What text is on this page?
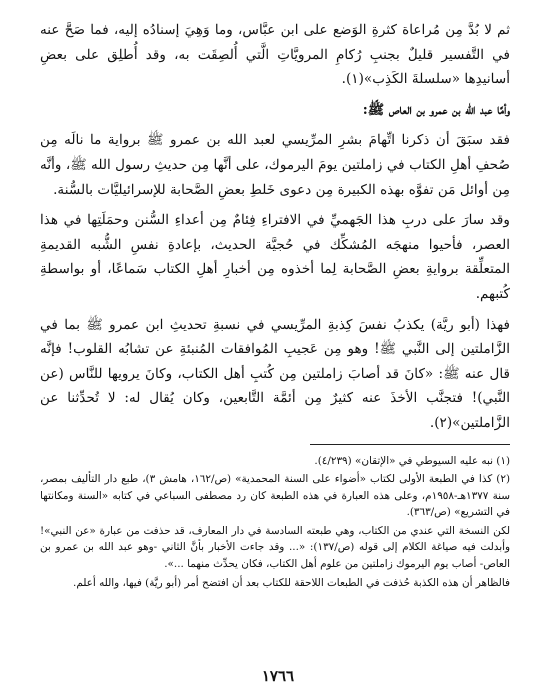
ثم لا بُدَّ مِن مُراعاة كثرةِ الوَضع على ابن عبَّاس، وما وَهِيَ إسنادُه إليه، فما صَحَّ عنه في التَّفسير قليلٌ بجنبِ رُكامِ المرويَّاتِ الَّتي أُلصِقَت به، وقد أُطلِق على بعضِ أسانيدِها «سلسلةَ الكَذِب»(١).

وأمَّا عبد الله بن عمرو بن العاص ﷺ:

فقد سبَقَ أن ذكرنا اتِّهامَ بشرِ المرِّيسي لعبد الله بن عمرو ﷺ برواية ما نالَه مِن صُحفِ أهلِ الكتاب في زاملتين يومَ اليرموك، على أنَّها مِن حديثِ رسول الله ﷺ، وأنَّه مِن أوائل مَن تفوَّه بهذه الكبيرة مِن دعوى خَلطِ بعضِ الصَّحابة للإسرائيليَّات بالسُّنة.

وقد سارَ على دربِ هذا الجَهميِّ في الافتراءِ فِئامٌ مِن أعداءِ السُّنن وحمَلَتِها في هذا العصر، فأحيوا منهجَه المُشكِّك في حُجيَّة الحديث، بإعادةِ نفسِ الشُّبه القديمةِ المتعلِّقة بروايةِ بعضِ الصَّحابة لِما أخذوه مِن أخبارِ أهلِ الكتاب سَماعًا، أو بواسطةِ كُتبهم.

فهذا (أبو ريَّة) يكذبُ نفسَ كِذبةِ المرِّيسي في نسبةِ تحديثِ ابن عمرو ﷺ بما في الزَّاملتين إلى النَّبي ﷺ! وهو مِن عَجيبِ المُوافقات المُنبئةِ عن تشابُه القلوب! فإنَّه قال عنه ﷺ: «كانَ قد أصابَ زاملتين مِن كُتبِ أهل الكتاب، وكانَ يرويها للنَّاس (عن النَّبي)! فتجنَّب الأخذَ عنه كثيرٌ مِن أئمَّة التَّابعين، وكان يُقال له: لا تُحدِّثنا عن الزَّاملتين»(٢).

(١) نبه عليه السيوطي في «الإتقان» (٤/٢٣٩).

(٢) كذا في الطبعة الأولى لكتاب «أضواء على السنة المحمدية» (ص/١٦٢، هامش ٣)، طبع دار التأليف بمصر، سنة ١٣٧٧هـ-١٩٥٨م، وعلى هذه العبارة في هذه الطبعة كان رد مصطفى السباعي في كتابه «السنة ومكانتها في التشريع» (ص/٣٦٣).

لكن النسخة التي عندي من الكتاب، وهي طبعته السادسة في دار المعارف، قد حذفت من عبارة «عن النبي»! وأبدلت فيه صياغة الكلام إلى قوله (ص/١٣٧): «... وقد جاءت الأخبار بأنَّ الثاني -وهو عبد الله بن عمرو بن العاص- أصاب يوم اليرموك زاملتين من علوم أهل الكتاب، فكان يحدِّث منهما ...».

فالظاهر أن هذه الكذبة حُذفت في الطبعات اللاحقة للكتاب بعد أن افتضح أمر (أبو ريَّة) فيها، والله أعلم.

١٧٦٦
